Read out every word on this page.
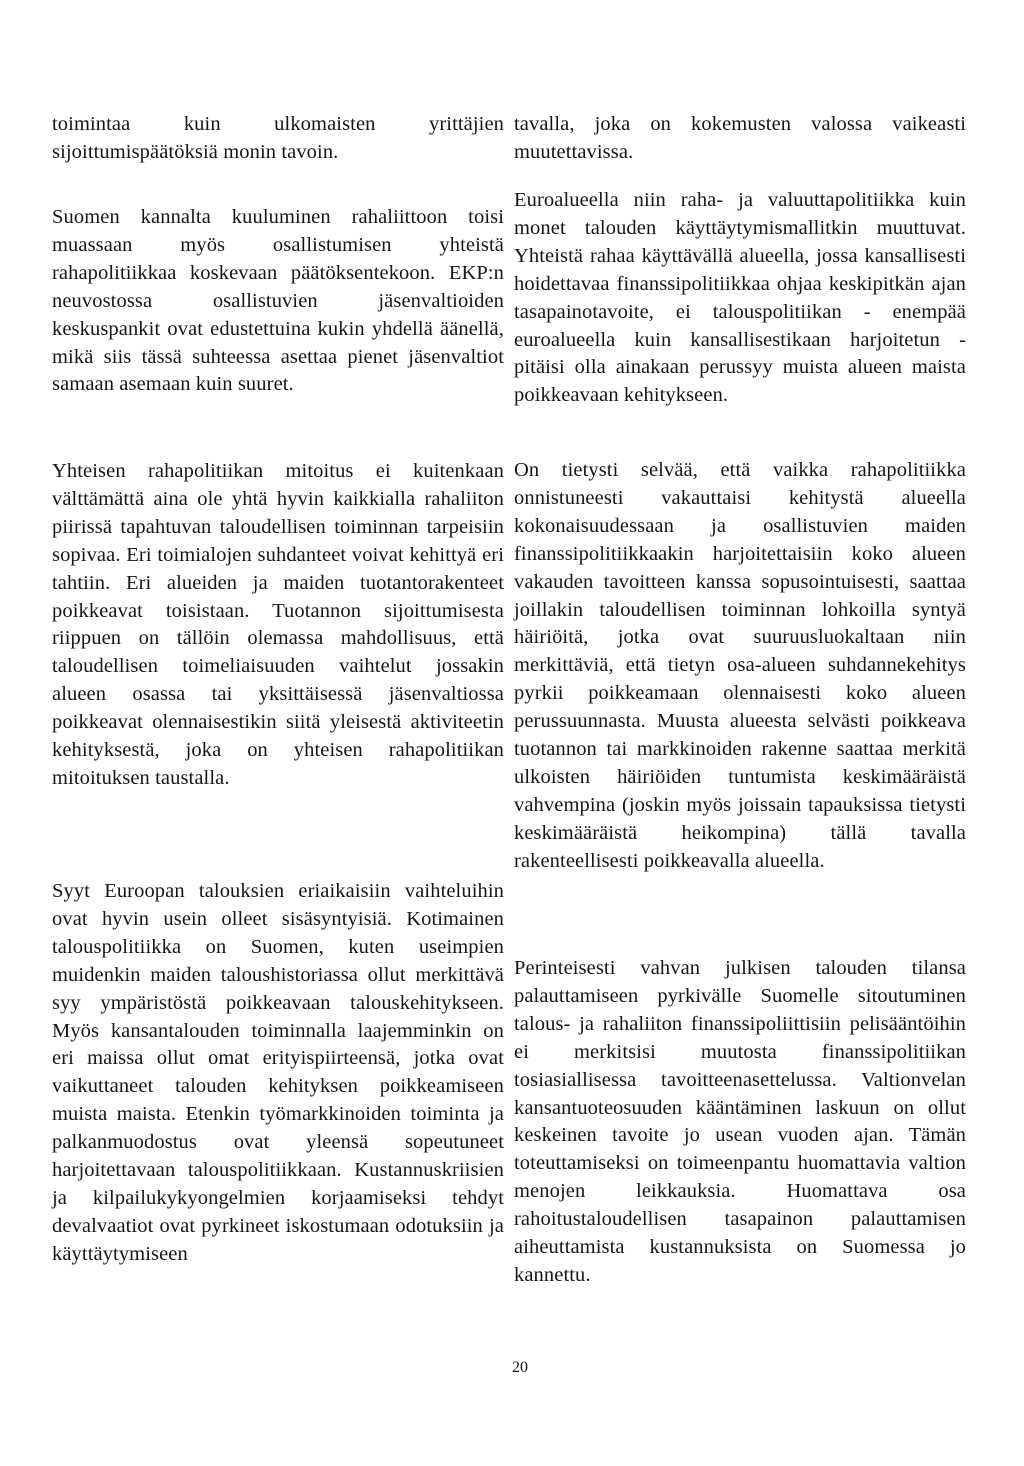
toimintaa kuin ulkomaisten yrittäjien sijoittumispäätöksiä monin tavoin.

Suomen kannalta kuuluminen rahaliittoon toisi muassaan myös osallistumisen yhteistä rahapolitiikkaa koskevaan päätöksentekoon. EKP:n neuvostossa osallistuvien jäsenvaltioiden keskuspankit ovat edustettuina kukin yhdellä äänellä, mikä siis tässä suhteessa asettaa pienet jäsenvaltiot samaan asemaan kuin suuret.

Yhteisen rahapolitiikan mitoitus ei kuitenkaan välttämättä aina ole yhtä hyvin kaikkialla rahaliiton piirissä tapahtuvan taloudellisen toiminnan tarpeisiin sopivaa. Eri toimialojen suhdanteet voivat kehittyä eri tahtiin. Eri alueiden ja maiden tuotantorakenteet poikkeavat toisistaan. Tuotannon sijoittumisesta riippuen on tällöin olemassa mahdollisuus, että taloudellisen toimeliaisuuden vaihtelut jossakin alueen osassa tai yksittäisessä jäsenvaltiossa poikkeavat olennaisestikin siitä yleisestä aktiviteetin kehityksestä, joka on yhteisen rahapolitiikan mitoituksen taustalla.

Syyt Euroopan talouksien eriaikaisiin vaihteluihin ovat hyvin usein olleet sisäsyntyisiä. Kotimainen talouspolitiikka on Suomen, kuten useimpien muidenkin maiden taloushistoriassa ollut merkittävä syy ympäristöstä poikkeavaan talouskehitykseen. Myös kansantalouden toiminnalla laajemminkin on eri maissa ollut omat erityispiirteensä, jotka ovat vaikuttaneet talouden kehityksen poikkeamiseen muista maista. Etenkin työmarkkinoiden toiminta ja palkanmuodostus ovat yleensä sopeutuneet harjoitettavaan talouspolitiikkaan. Kustannuskriisien ja kilpailukykyongelmien korjaamiseksi tehdyt devalvaatiot ovat pyrkineet iskostumaan odotuksiin ja käyttäytymiseen

tavalla, joka on kokemusten valossa vaikeasti muutettavissa.

Euroalueella niin raha- ja valuuttapolitiikka kuin monet talouden käyttäytymismallitkin muuttuvat. Yhteistä rahaa käyttävällä alueella, jossa kansallisesti hoidettavaa finanssipolitiikkaa ohjaa keskipitkän ajan tasapainotavoite, ei talouspolitiikan - enempää euroalueella kuin kansallisestikaan harjoitetun - pitäisi olla ainakaan perussyy muista alueen maista poikkeavaan kehitykseen.

On tietysti selvää, että vaikka rahapolitiikka onnistuneesti vakauttaisi kehitystä alueella kokonaisuudessaan ja osallistuvien maiden finanssipolitiikkaakin harjoitettaisiin koko alueen vakauden tavoitteen kanssa sopusointuisesti, saattaa joillakin taloudellisen toiminnan lohkoilla syntyä häiriöitä, jotka ovat suuruusluokaltaan niin merkittäviä, että tietyn osa-alueen suhdannekehitys pyrkii poikkeamaan olennaisesti koko alueen perussuunnasta. Muusta alueesta selvästi poikkeava tuotannon tai markkinoiden rakenne saattaa merkitä ulkoisten häiriöiden tuntumista keskimääräistä vahvempina (joskin myös joissain tapauksissa tietysti keskimääräistä heikompina) tällä tavalla rakenteellisesti poikkeavalla alueella.

Perinteisesti vahvan julkisen talouden tilansa palauttamiseen pyrkivälle Suomelle sitoutuminen talous- ja rahaliiton finanssipoliittisiin pelisääntöihin ei merkitsisi muutosta finanssipolitiikan tosiasiallisessa tavoitteenasettelussa. Valtionvelan kansantuoteosuuden kääntäminen laskuun on ollut keskeinen tavoite jo usean vuoden ajan. Tämän toteuttamiseksi on toimeenpantu huomattavia valtion menojen leikkauksia. Huomattava osa rahoitustaloudellisen tasapainon palauttamisen aiheuttamista kustannuksista on Suomessa jo kannettu.

20
